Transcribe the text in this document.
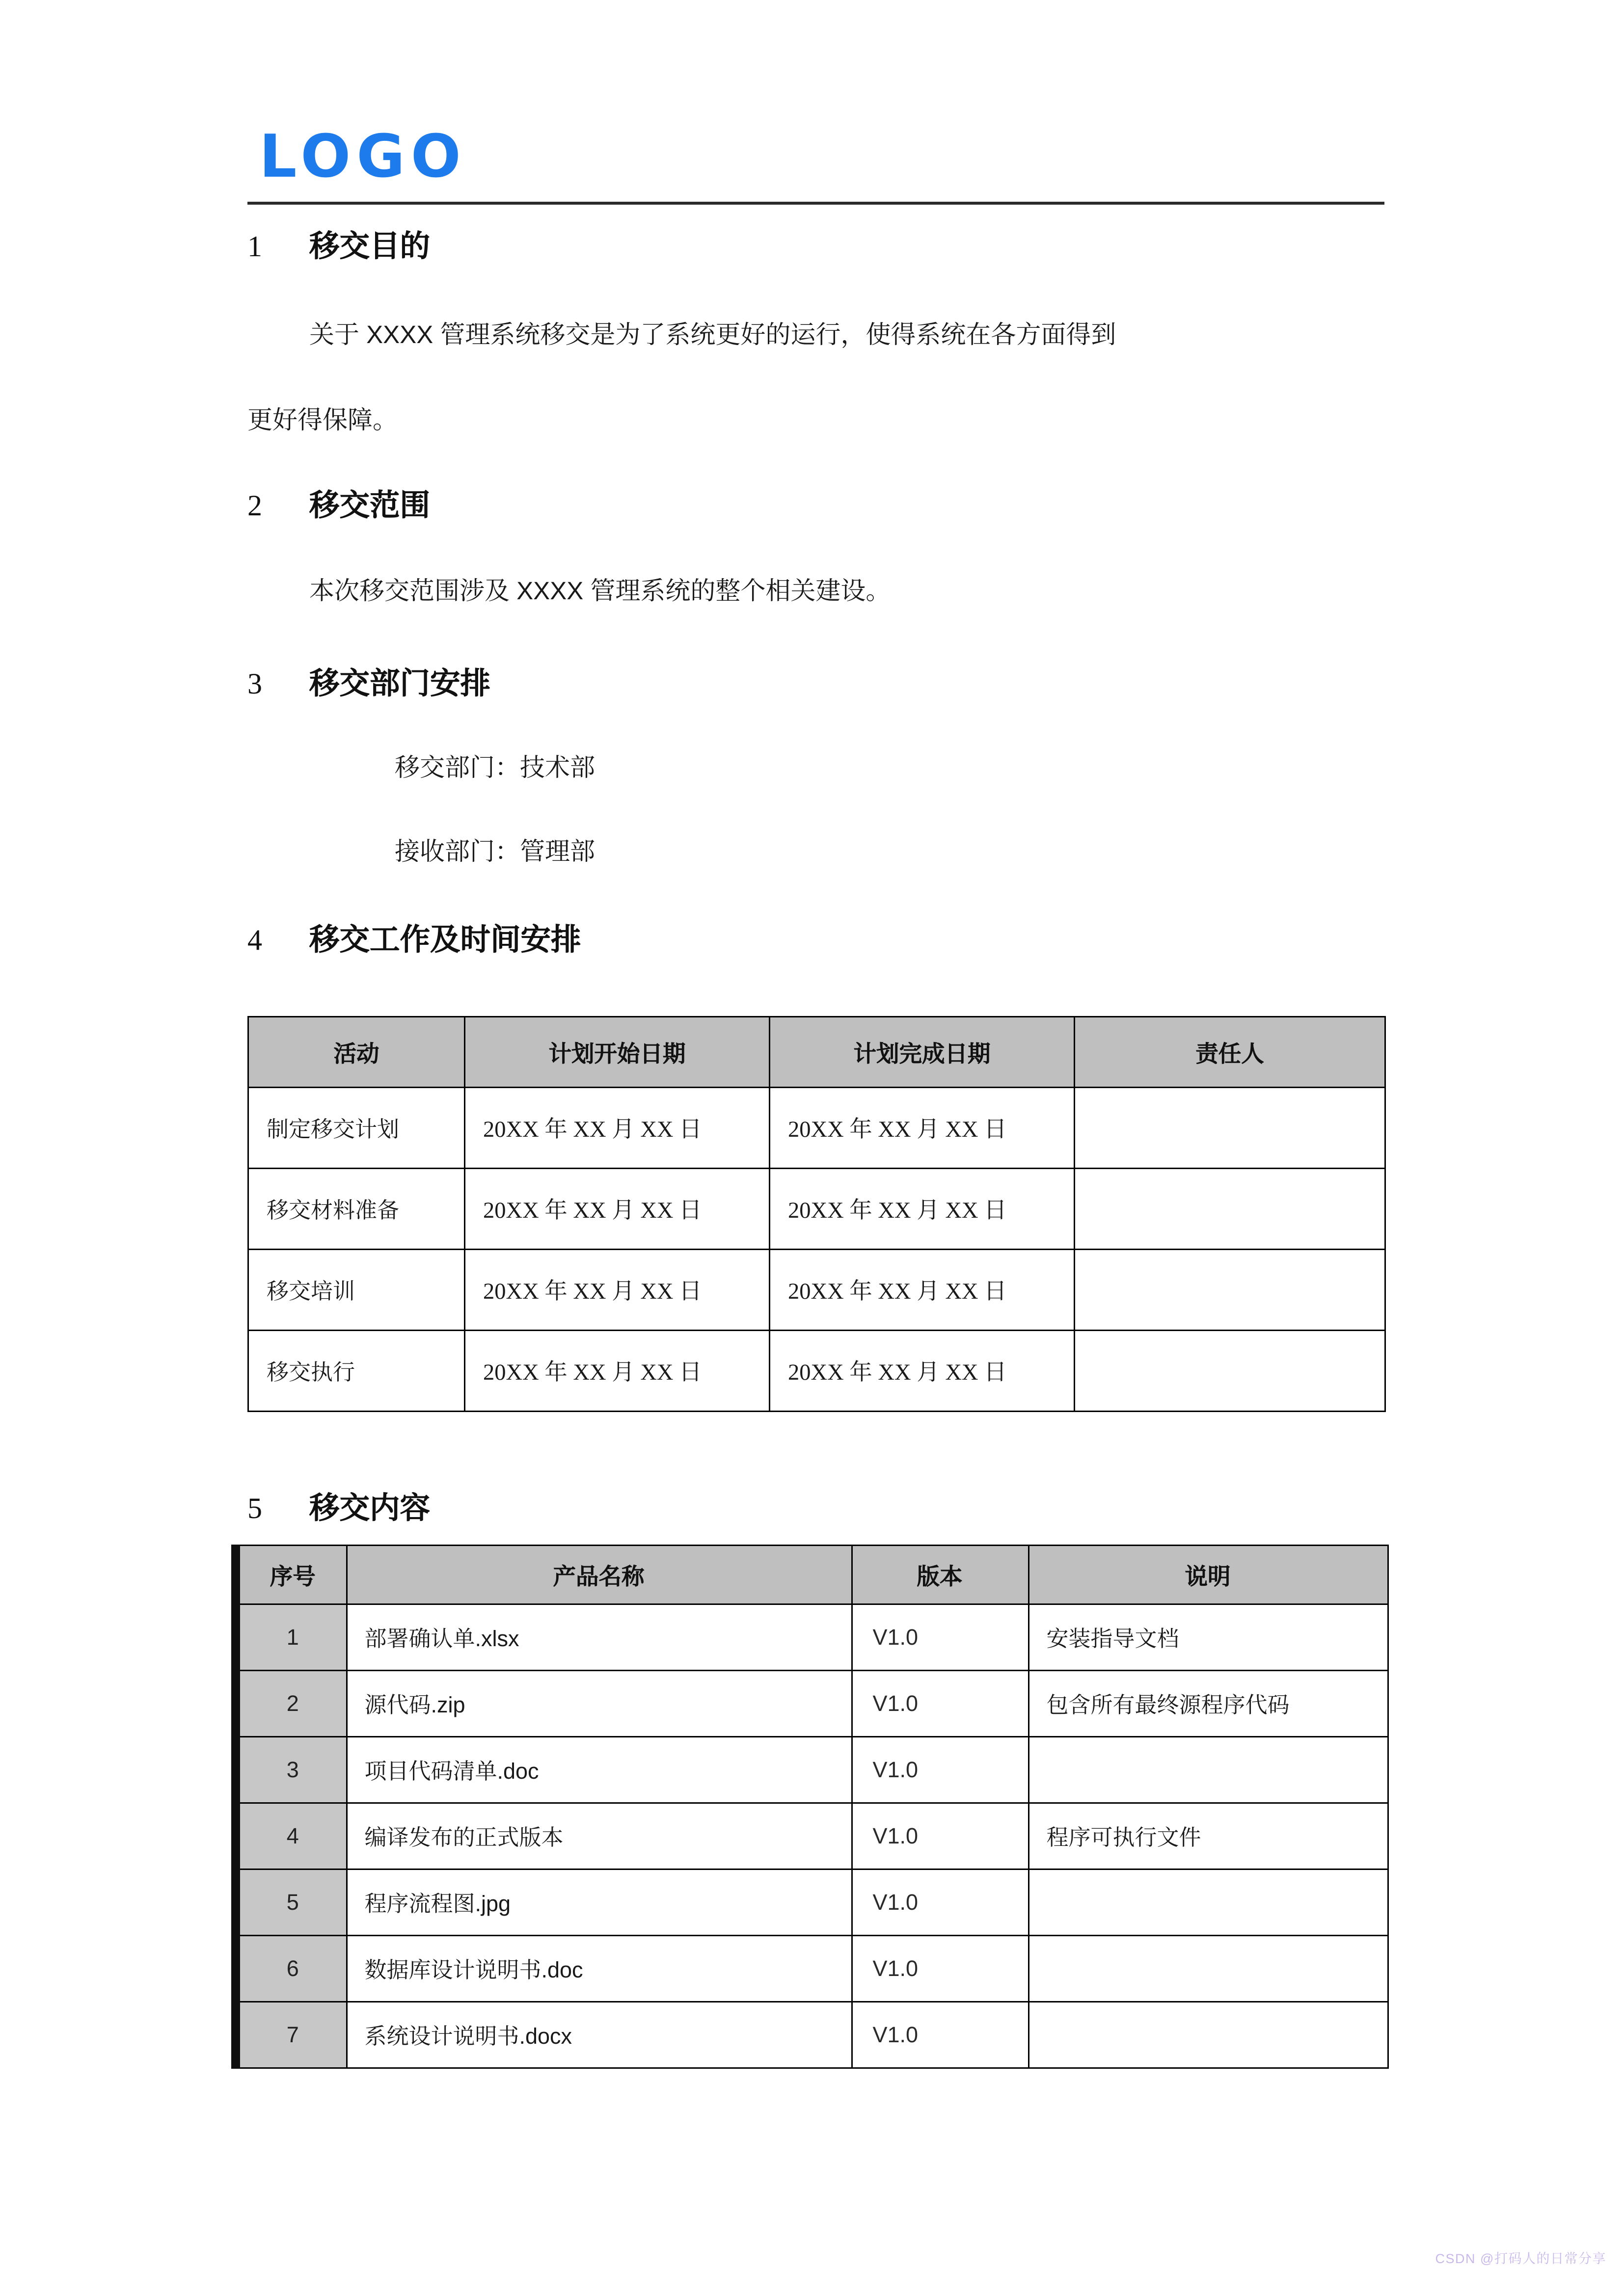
LOGO
1	移交目的
关于 XXXX 管理系统移交是为了系统更好的运行，使得系统在各方面得到
更好得保障。
2	移交范围
本次移交范围涉及 XXXX 管理系统的整个相关建设。
3	移交部门安排
移交部门：技术部
接收部门：管理部
4	移交工作及时间安排
活动	计划开始日期	计划完成日期	责任人
制定移交计划	20XX 年 XX 月 XX 日	20XX 年 XX 月 XX 日	
移交材料准备	20XX 年 XX 月 XX 日	20XX 年 XX 月 XX 日	
移交培训	20XX 年 XX 月 XX 日	20XX 年 XX 月 XX 日	
移交执行	20XX 年 XX 月 XX 日	20XX 年 XX 月 XX 日	
5	移交内容
序号	产品名称	版本	说明
1	部署确认单.xlsx	V1.0	安装指导文档
2	源代码.zip	V1.0	包含所有最终源程序代码
3	项目代码清单.doc	V1.0	
4	编译发布的正式版本	V1.0	程序可执行文件
5	程序流程图.jpg	V1.0	
6	数据库设计说明书.doc	V1.0	
7	系统设计说明书.docx	V1.0	
CSDN @打码人的日常分享
